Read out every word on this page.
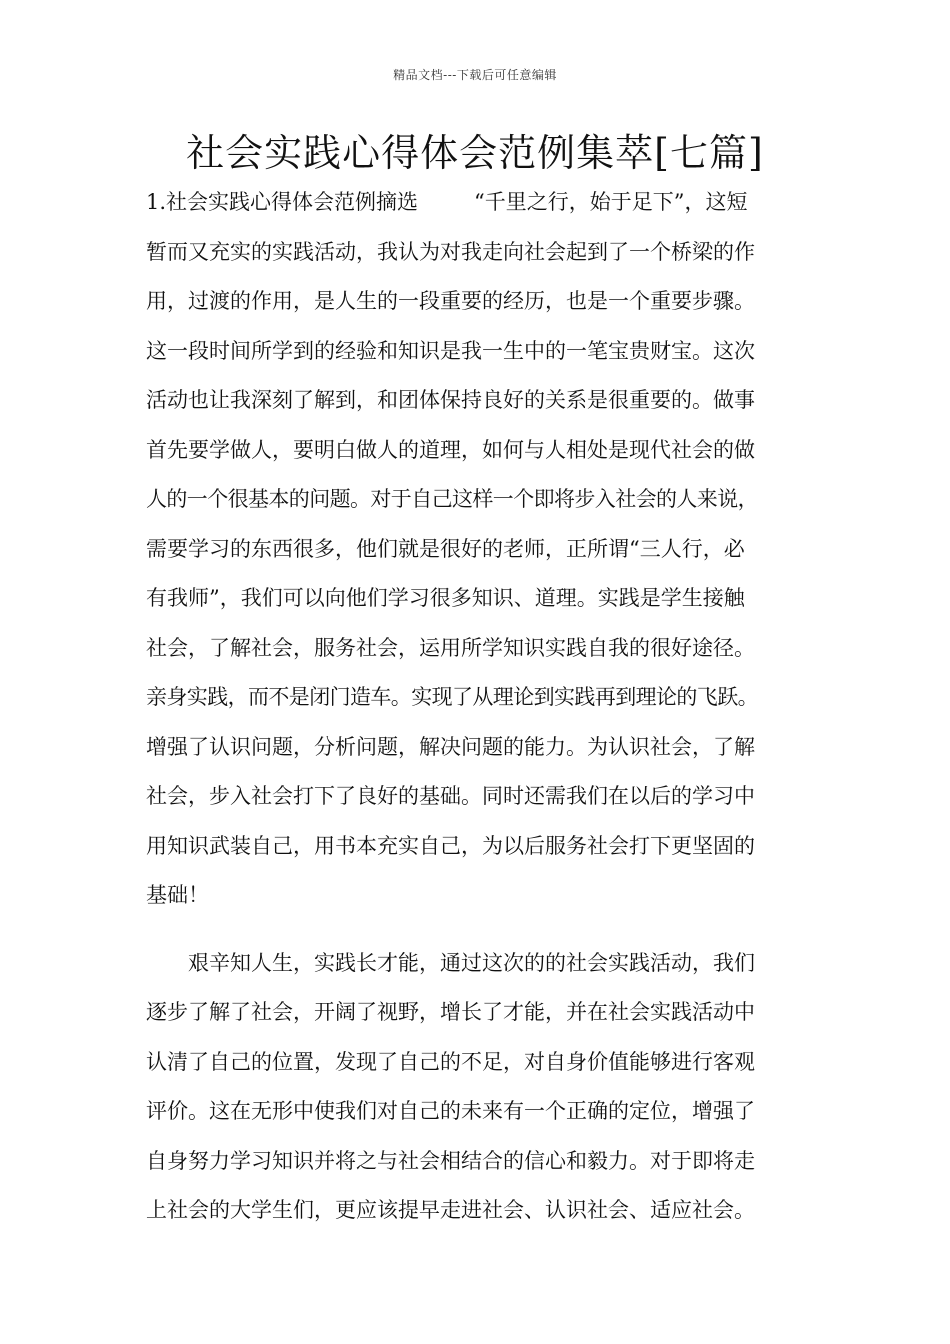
精品文档---下载后可任意编辑
社会实践心得体会范例集萃[七篇]
1.社会实践心得体会范例摘选	“千里之行，始于足下”，这短
暂而又充实的实践活动，我认为对我走向社会起到了一个桥梁的作
用，过渡的作用，是人生的一段重要的经历，也是一个重要步骤。
这一段时间所学到的经验和知识是我一生中的一笔宝贵财宝。这次
活动也让我深刻了解到，和团体保持良好的关系是很重要的。做事
首先要学做人，要明白做人的道理，如何与人相处是现代社会的做
人的一个很基本的问题。对于自己这样一个即将步入社会的人来说，
需要学习的东西很多，他们就是很好的老师，正所谓“三人行，必
有我师”，我们可以向他们学习很多知识、道理。实践是学生接触
社会，了解社会，服务社会，运用所学知识实践自我的很好途径。
亲身实践，而不是闭门造车。实现了从理论到实践再到理论的飞跃。
增强了认识问题，分析问题，解决问题的能力。为认识社会，了解
社会，步入社会打下了良好的基础。同时还需我们在以后的学习中
用知识武装自己，用书本充实自己，为以后服务社会打下更坚固的
基础！
艰辛知人生，实践长才能，通过这次的的社会实践活动，我们
逐步了解了社会，开阔了视野，增长了才能，并在社会实践活动中
认清了自己的位置，发现了自己的不足，对自身价值能够进行客观
评价。这在无形中使我们对自己的未来有一个正确的定位，增强了
自身努力学习知识并将之与社会相结合的信心和毅力。对于即将走
上社会的大学生们，更应该提早走进社会、认识社会、适应社会。
